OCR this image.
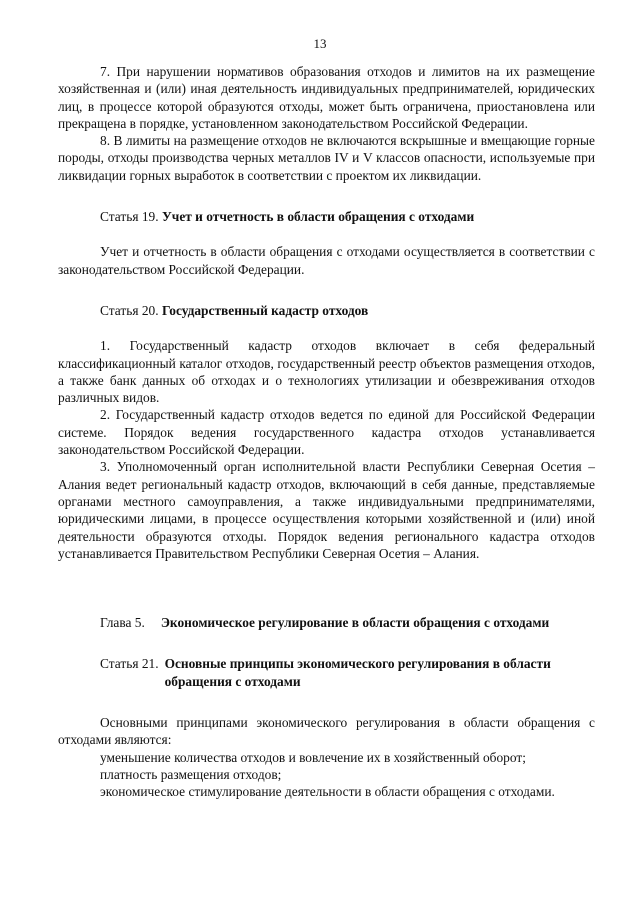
13

7. При нарушении нормативов образования отходов и лимитов на их размещение хозяйственная и (или) иная деятельность индивидуальных предпринимателей, юридических лиц, в процессе которой образуются отходы, может быть ограничена, приостановлена или прекращена в порядке, установленном законодательством Российской Федерации.

8. В лимиты на размещение отходов не включаются вскрышные и вмещающие горные породы, отходы производства черных металлов IV и V классов опасности, используемые при ликвидации горных выработок в соответствии с проектом их ликвидации.

Статья 19. Учет и отчетность в области обращения с отходами

Учет и отчетность в области обращения с отходами осуществляется в соответствии с законодательством Российской Федерации.

Статья 20. Государственный кадастр отходов

1. Государственный кадастр отходов включает в себя федеральный классификационный каталог отходов, государственный реестр объектов размещения отходов, а также банк данных об отходах и о технологиях утилизации и обезвреживания отходов различных видов.

2. Государственный кадастр отходов ведется по единой для Российской Федерации системе. Порядок ведения государственного кадастра отходов устанавливается законодательством Российской Федерации.

3. Уполномоченный орган исполнительной власти Республики Северная Осетия – Алания ведет региональный кадастр отходов, включающий в себя данные, представляемые органами местного самоуправления, а также индивидуальными предпринимателями, юридическими лицами, в процессе осуществления которыми хозяйственной и (или) иной деятельности образуются отходы. Порядок ведения регионального кадастра отходов устанавливается Правительством Республики Северная Осетия – Алания.

Глава 5. Экономическое регулирование в области обращения с отходами
Статья 21. Основные принципы экономического регулирования в области обращения с отходами

Основными принципами экономического регулирования в области обращения с отходами являются:

уменьшение количества отходов и вовлечение их в хозяйственный оборот;

платность размещения отходов;

экономическое стимулирование деятельности в области обращения с отходами.
